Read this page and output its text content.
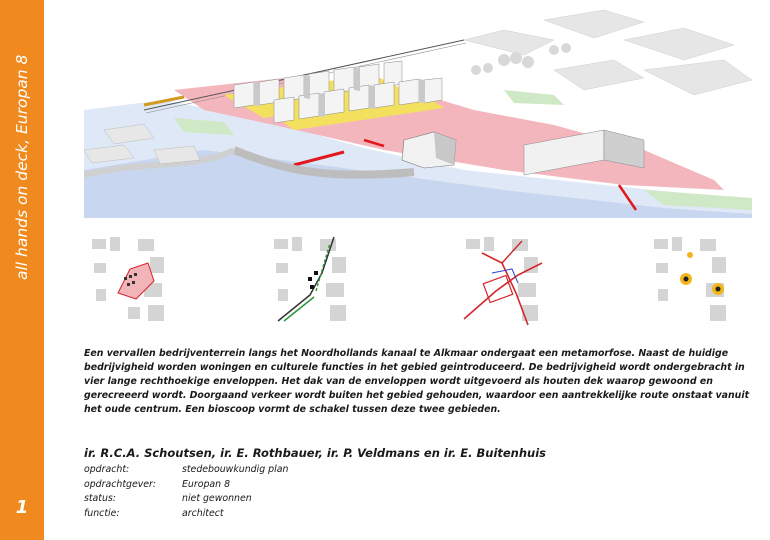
all hands on deck, Europan 8
1

Een vervallen bedrijventerrein langs het Noordhollands kanaal te Alkmaar ondergaat een metamorfose. Naast de huidige bedrijvigheid worden woningen en culturele functies in het gebied geintroduceerd. De bedrijvigheid wordt ondergebracht in vier lange rechthoekige enveloppen. Het dak van de enveloppen wordt uitgevoerd als houten dek waarop gewoond en gerecreeerd wordt. Doorgaand verkeer wordt buiten het gebied gehouden, waardoor een aantrekkelijke route onstaat vanuit het oude centrum. Een bioscoop vormt de schakel tussen deze twee gebieden.

ir. R.C.A. Schoutsen, ir. E. Rothbauer, ir. P. Veldmans en ir. E. Buitenhuis
opdracht:	stedebouwkundig plan
opdrachtgever:	Europan 8
status:	niet gewonnen
functie:	architect
